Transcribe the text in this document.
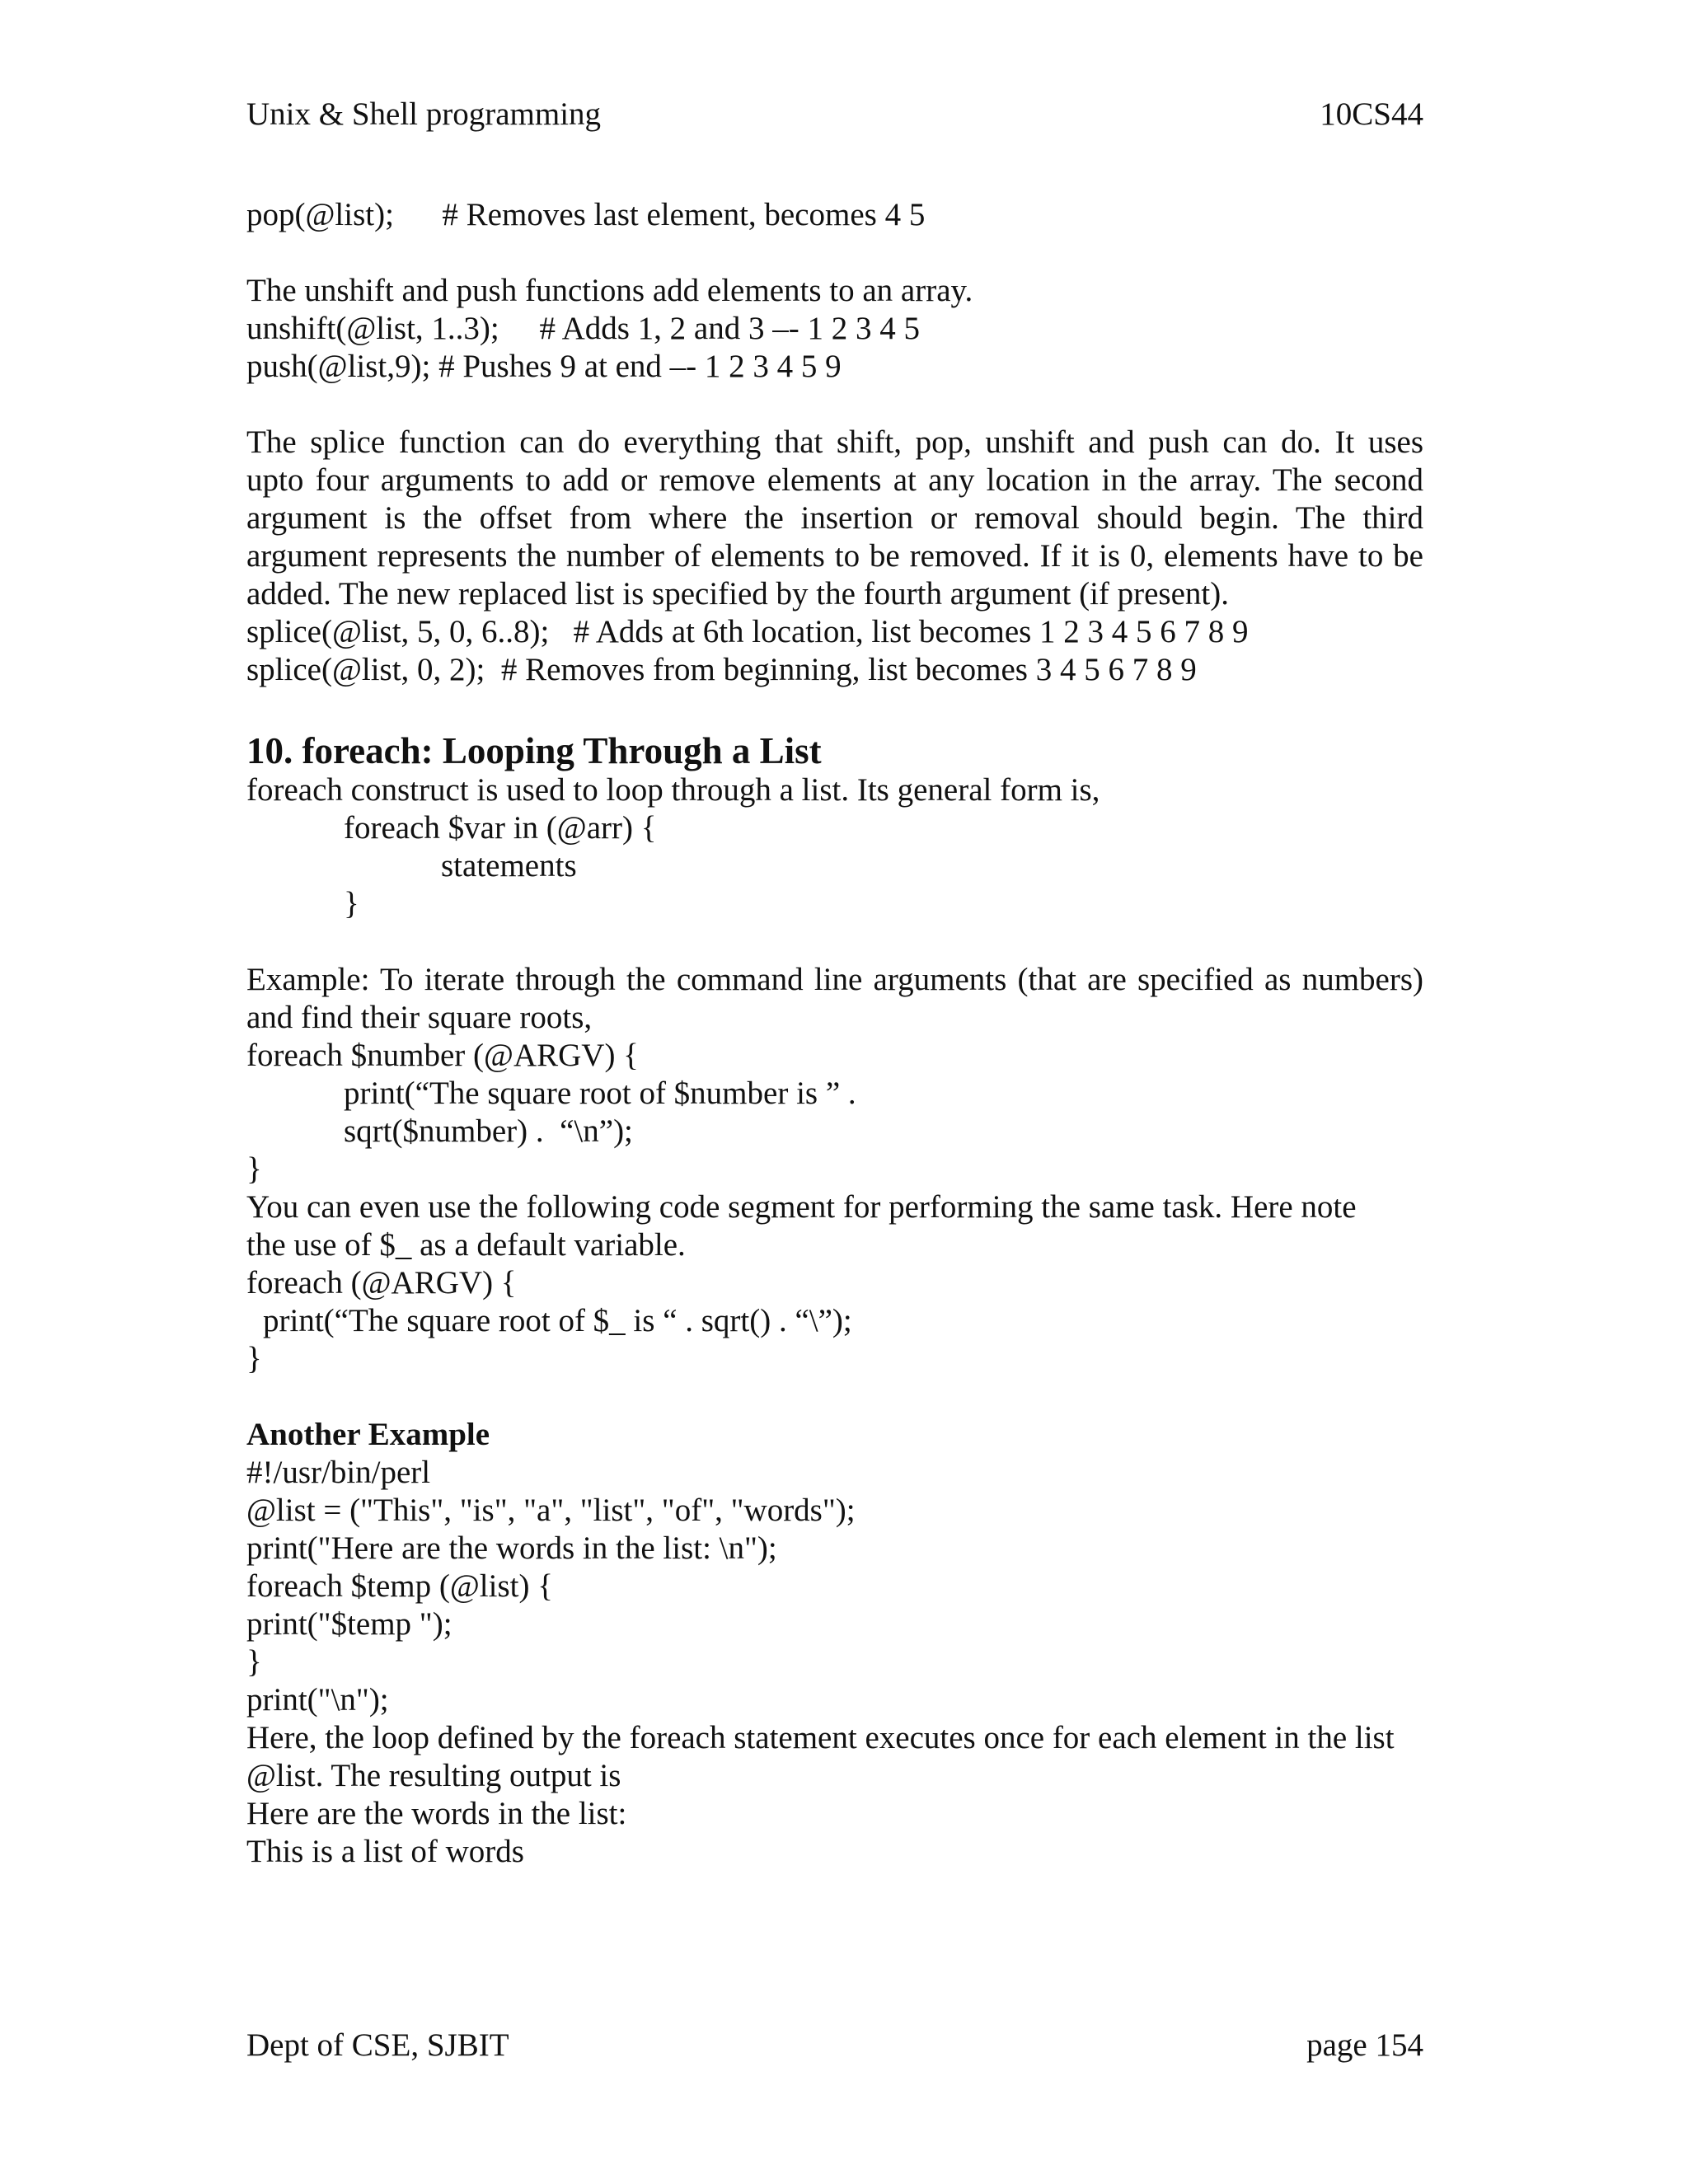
Unix & Shell programming	10CS44
pop(@list);      # Removes last element, becomes 4 5
The unshift and push functions add elements to an array.
unshift(@list, 1..3);     # Adds 1, 2 and 3 –- 1 2 3 4 5
push(@list,9); # Pushes 9 at end –- 1 2 3 4 5 9
The splice function can do everything that shift, pop, unshift and push can do. It uses
upto four arguments to add or remove elements at any location in the array. The second
argument is the offset from where the insertion or removal should begin. The third
argument represents the number of elements to be removed. If it is 0, elements have to be
added. The new replaced list is specified by the fourth argument (if present).
splice(@list, 5, 0, 6..8);   # Adds at 6th location, list becomes 1 2 3 4 5 6 7 8 9
splice(@list, 0, 2);  # Removes from beginning, list becomes 3 4 5 6 7 8 9
10. foreach: Looping Through a List
foreach construct is used to loop through a list. Its general form is,
foreach $var in (@arr) {
statements
}
Example: To iterate through the command line arguments (that are specified as numbers)
and find their square roots,
foreach $number (@ARGV) {
print(“The square root of $number is ” .
sqrt($number) .  “\n”);
}
You can even use the following code segment for performing the same task. Here note
the use of $_ as a default variable.
foreach (@ARGV) {
print(“The square root of $_ is “ . sqrt() . “\”);
}
Another Example
#!/usr/bin/perl
@list = ("This", "is", "a", "list", "of", "words");
print("Here are the words in the list: \n");
foreach $temp (@list) {
print("$temp ");
}
print("\n");
Here, the loop defined by the foreach statement executes once for each element in the list
@list. The resulting output is
Here are the words in the list:
This is a list of words
Dept of CSE, SJBIT	page 154
